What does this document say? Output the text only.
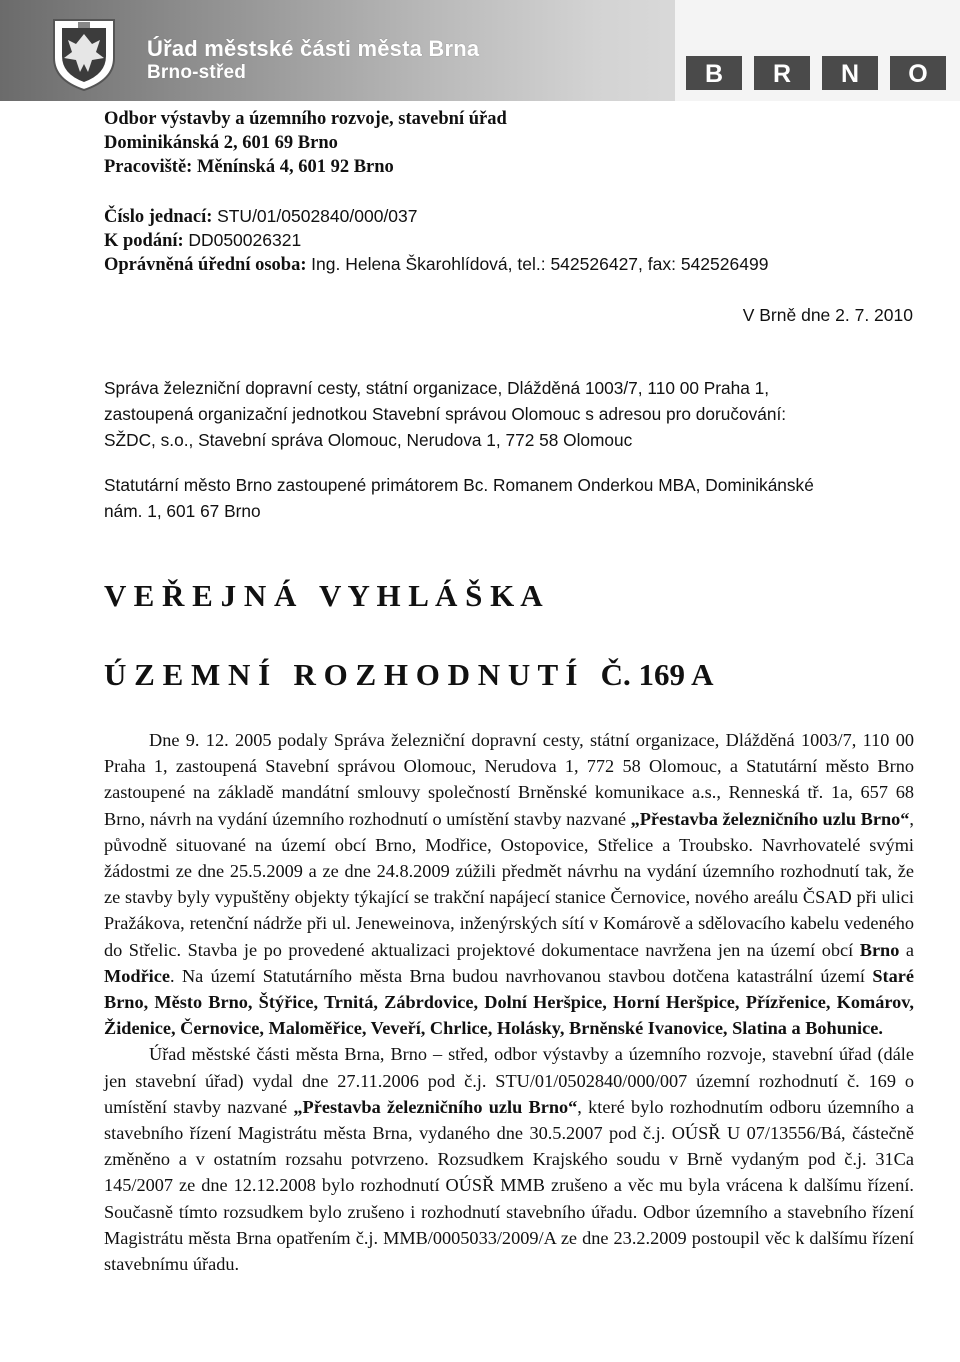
Úřad městské části města Brna
Brno-střed	B	R	N	O
Odbor výstavby a územního rozvoje, stavební úřad
Dominikánská 2, 601 69 Brno
Pracoviště: Měnínská 4, 601 92 Brno
Číslo jednací: STU/01/0502840/000/037
K podání: DD050026321
Oprávněná úřední osoba: Ing. Helena Škarohlídová, tel.: 542526427, fax: 542526499
V Brně dne 2. 7. 2010
Správa železniční dopravní cesty, státní organizace, Dlážděná 1003/7, 110 00 Praha 1,
zastoupená organizační jednotkou Stavební správou Olomouc s adresou pro doručování:
SŽDC, s.o., Stavební správa Olomouc, Nerudova 1, 772 58 Olomouc
Statutární město Brno zastoupené primátorem Bc. Romanem Onderkou MBA, Dominikánské
nám. 1, 601 67 Brno
V E Ř E J N Á   V Y H L Á Š K A
Ú Z E M N Í   R O Z H O D N U T Í   Č. 169 A

Dne 9. 12. 2005 podaly Správa železniční dopravní cesty, státní organizace, Dlážděná 1003/7, 110 00 Praha 1, zastoupená Stavební správou Olomouc, Nerudova 1, 772 58 Olomouc, a Statutární město Brno zastoupené na základě mandátní smlouvy společností Brněnské komunikace a.s., Renneská tř. 1a, 657 68 Brno, návrh na vydání územního rozhodnutí o umístění stavby nazvané „Přestavba železničního uzlu Brno“, původně situované na území obcí Brno, Modřice, Ostopovice, Střelice a Troubsko. Navrhovatelé svými žádostmi ze dne 25.5.2009 a ze dne 24.8.2009 zúžili předmět návrhu na vydání územního rozhodnutí tak, že ze stavby byly vypuštěny objekty týkající se trakční napájecí stanice Černovice, nového areálu ČSAD při ulici Pražákova, retenční nádrže při ul. Jeneweinova, inženýrských sítí v Komárově a sdělovacího kabelu vedeného do Střelic. Stavba je po provedené aktualizaci projektové dokumentace navržena jen na území obcí Brno a Modřice. Na území Statutárního města Brna budou navrhovanou stavbou dotčena katastrální území Staré Brno, Město Brno, Štýřice, Trnitá, Zábrdovice, Dolní Heršpice, Horní Heršpice, Přízřenice, Komárov, Židenice, Černovice, Maloměřice, Veveří, Chrlice, Holásky, Brněnské Ivanovice, Slatina a Bohunice.

Úřad městské části města Brna, Brno – střed, odbor výstavby a územního rozvoje, stavební úřad (dále jen stavební úřad) vydal dne 27.11.2006 pod č.j. STU/01/0502840/000/007 územní rozhodnutí č. 169 o umístění stavby nazvané „Přestavba železničního uzlu Brno“, které bylo rozhodnutím odboru územního a stavebního řízení Magistrátu města Brna, vydaného dne 30.5.2007 pod č.j. OÚSŘ U 07/13556/Bá, částečně změněno a v ostatním rozsahu potvrzeno. Rozsudkem Krajského soudu v Brně vydaným pod č.j. 31Ca 145/2007 ze dne 12.12.2008 bylo rozhodnutí OÚSŘ MMB zrušeno a věc mu byla vrácena k dalšímu řízení. Současně tímto rozsudkem bylo zrušeno i rozhodnutí stavebního úřadu. Odbor územního a stavebního řízení Magistrátu města Brna opatřením č.j. MMB/0005033/2009/A ze dne 23.2.2009 postoupil věc k dalšímu řízení stavebnímu úřadu.
